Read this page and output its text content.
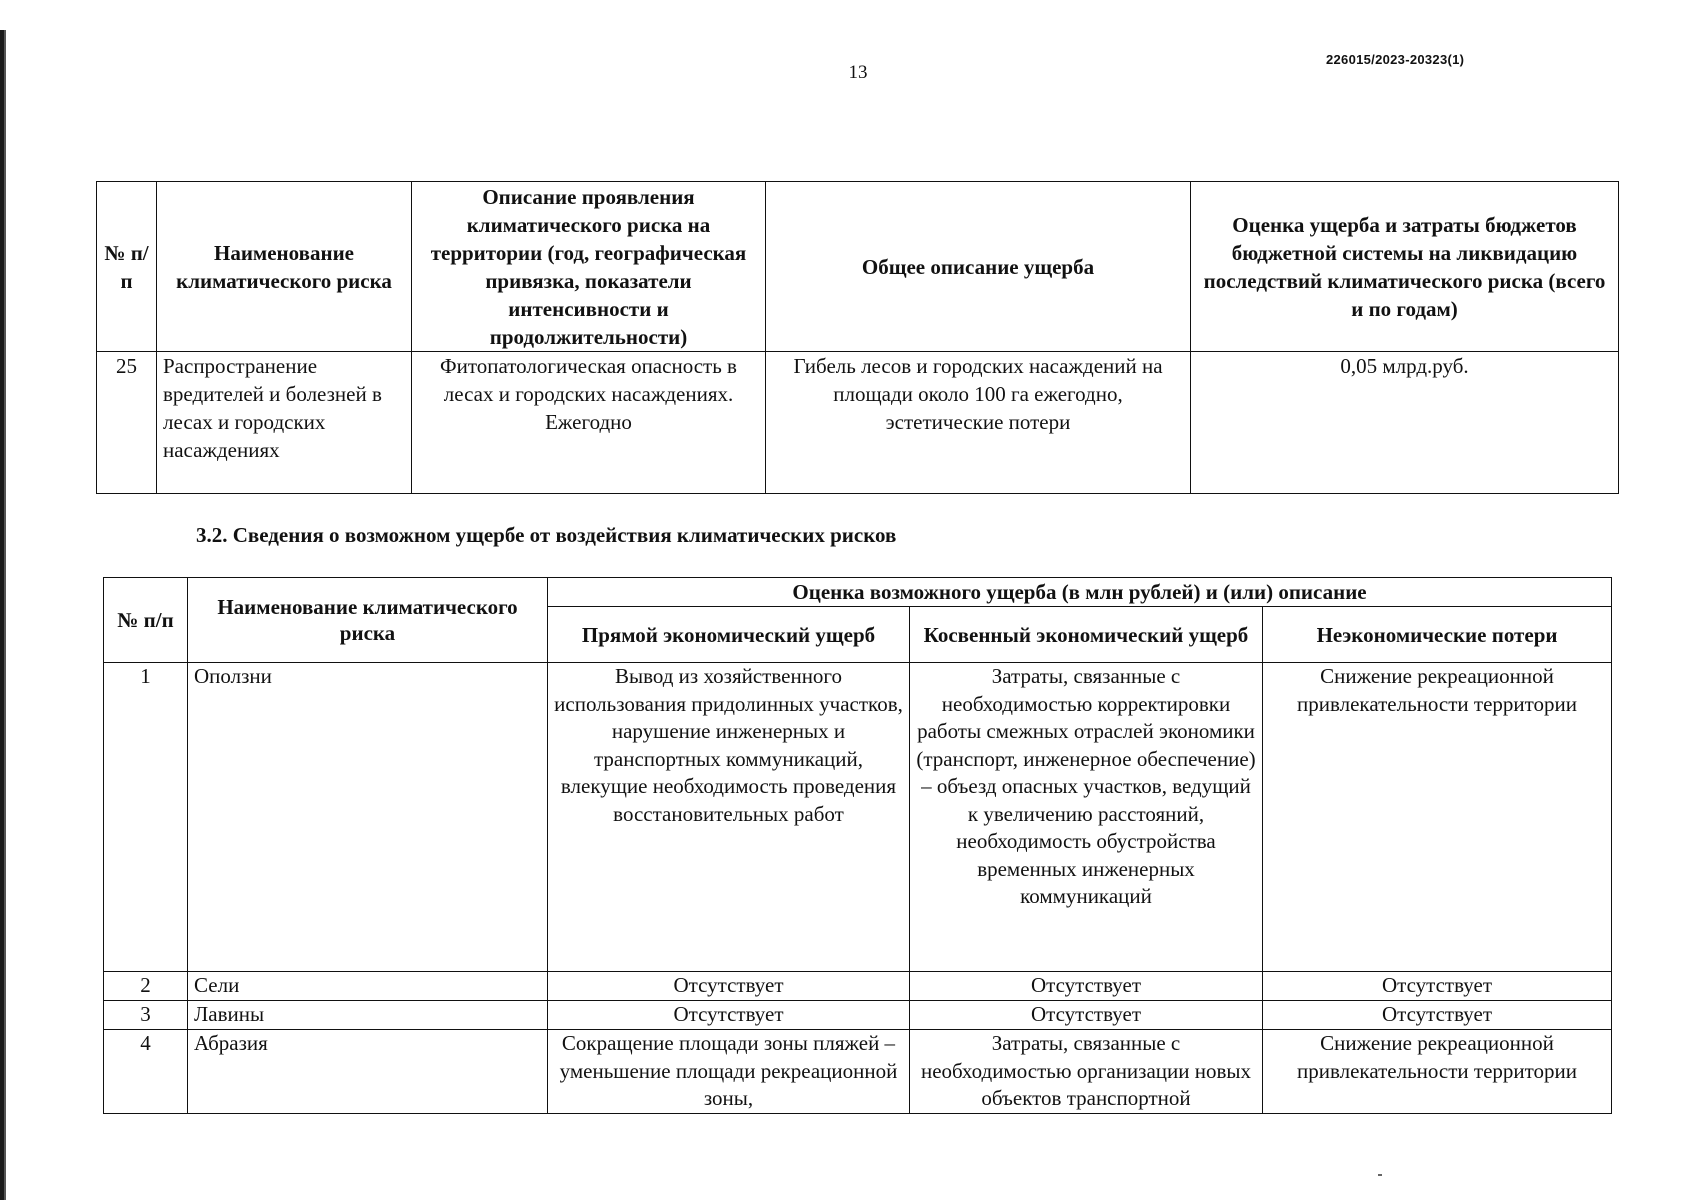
13
226015/2023-20323(1)
№ п/п	Наименование климатического риска	Описание проявления климатического риска на территории (год, географическая привязка, показатели интенсивности и продолжительности)	Общее описание ущерба	Оценка ущерба и затраты бюджетов бюджетной системы на ликвидацию последствий климатического риска (всего и по годам)
25	Распространение вредителей и болезней в лесах и городских насаждениях	Фитопатологическая опасность в лесах и городских насаждениях. Ежегодно	Гибель лесов и городских насаждений на площади около 100 га ежегодно, эстетические потери	0,05 млрд.руб.
3.2. Сведения о возможном ущербе от воздействия климатических рисков
№ п/п	Наименование климатического риска	Оценка возможного ущерба (в млн рублей) и (или) описание		
		Прямой экономический ущерб	Косвенный экономический ущерб	Неэкономические потери
1	Оползни	Вывод из хозяйственного использования придолинных участков, нарушение инженерных и транспортных коммуникаций, влекущие необходимость проведения восстановительных работ	Затраты, связанные с необходимостью корректировки работы смежных отраслей экономики (транспорт, инженерное обеспечение) – объезд опасных участков, ведущий к увеличению расстояний, необходимость обустройства временных инженерных коммуникаций	Снижение рекреационной привлекательности территории
2	Сели	Отсутствует	Отсутствует	Отсутствует
3	Лавины	Отсутствует	Отсутствует	Отсутствует
4	Абразия	Сокращение площади зоны пляжей – уменьшение площади рекреационной зоны,	Затраты, связанные с необходимостью организации новых объектов транспортной	Снижение рекреационной привлекательности территории
